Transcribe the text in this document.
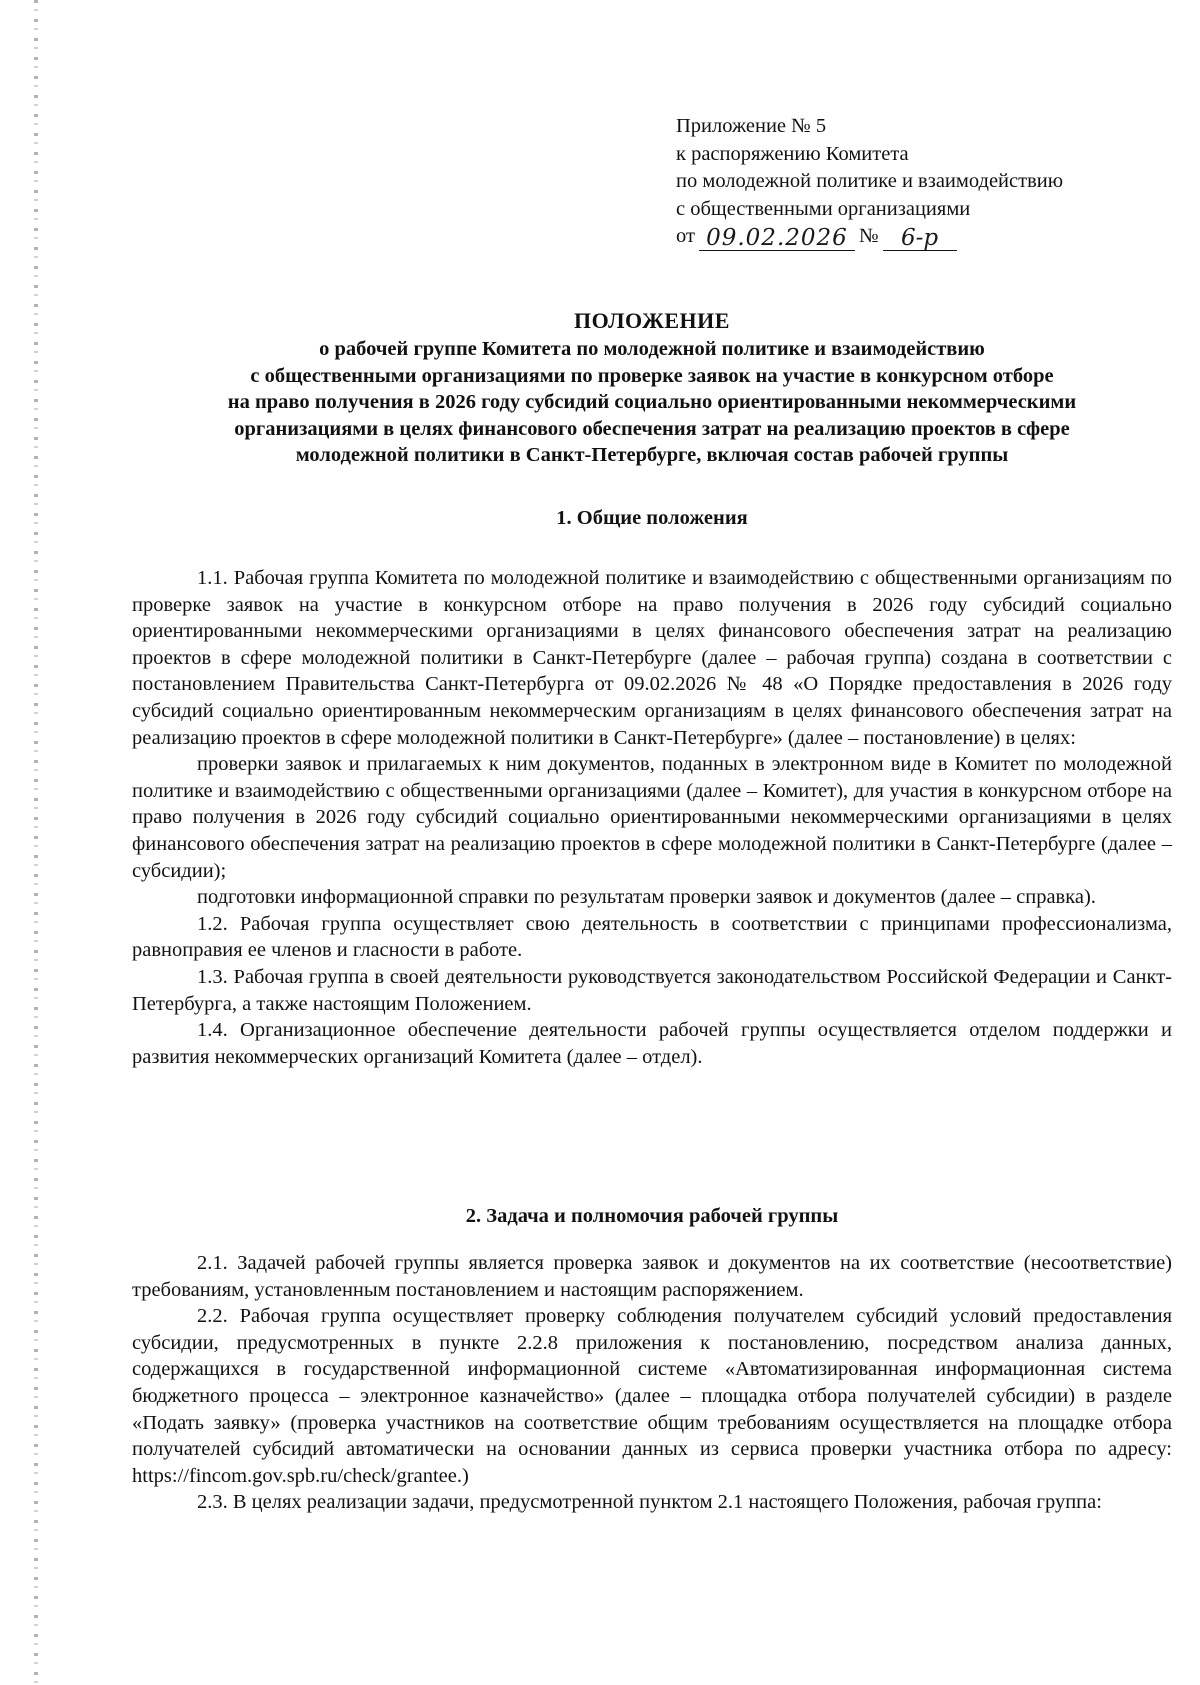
Приложение № 5
к распоряжению Комитета
по молодежной политике и взаимодействию
с общественными организациями
от 09.02.2026 № 6-р
ПОЛОЖЕНИЕ
о рабочей группе Комитета по молодежной политике и взаимодействию
с общественными организациями по проверке заявок на участие в конкурсном отборе
на право получения в 2026 году субсидий социально ориентированными некоммерческими
организациями в целях финансового обеспечения затрат на реализацию проектов в сфере
молодежной политики в Санкт-Петербурге, включая состав рабочей группы
1. Общие положения

1.1. Рабочая группа Комитета по молодежной политике и взаимодействию с общественными организациям по проверке заявок на участие в конкурсном отборе на право получения в 2026 году субсидий социально ориентированными некоммерческими организациями в целях финансового обеспечения затрат на реализацию проектов в сфере молодежной политики в Санкт-Петербурге (далее – рабочая группа) создана в соответствии с постановлением Правительства Санкт-Петербурга от 09.02.2026 № 48 «О Порядке предоставления в 2026 году субсидий социально ориентированным некоммерческим организациям в целях финансового обеспечения затрат на реализацию проектов в сфере молодежной политики в Санкт-Петербурге» (далее – постановление) в целях:

проверки заявок и прилагаемых к ним документов, поданных в электронном виде в Комитет по молодежной политике и взаимодействию с общественными организациями (далее – Комитет), для участия в конкурсном отборе на право получения в 2026 году субсидий социально ориентированными некоммерческими организациями в целях финансового обеспечения затрат на реализацию проектов в сфере молодежной политики в Санкт-Петербурге (далее – субсидии);

подготовки информационной справки по результатам проверки заявок и документов (далее – справка).

1.2. Рабочая группа осуществляет свою деятельность в соответствии с принципами профессионализма, равноправия ее членов и гласности в работе.

1.3. Рабочая группа в своей деятельности руководствуется законодательством Российской Федерации и Санкт-Петербурга, а также настоящим Положением.

1.4. Организационное обеспечение деятельности рабочей группы осуществляется отделом поддержки и развития некоммерческих организаций Комитета (далее – отдел).

2. Задача и полномочия рабочей группы

2.1. Задачей рабочей группы является проверка заявок и документов на их соответствие (несоответствие) требованиям, установленным постановлением и настоящим распоряжением.

2.2. Рабочая группа осуществляет проверку соблюдения получателем субсидий условий предоставления субсидии, предусмотренных в пункте 2.2.8 приложения к постановлению, посредством анализа данных, содержащихся в государственной информационной системе «Автоматизированная информационная система бюджетного процесса – электронное казначейство» (далее – площадка отбора получателей субсидии) в разделе «Подать заявку» (проверка участников на соответствие общим требованиям осуществляется на площадке отбора получателей субсидий автоматически на основании данных из сервиса проверки участника отбора по адресу: https://fincom.gov.spb.ru/check/grantee.)

2.3. В целях реализации задачи, предусмотренной пунктом 2.1 настоящего Положения, рабочая группа:
